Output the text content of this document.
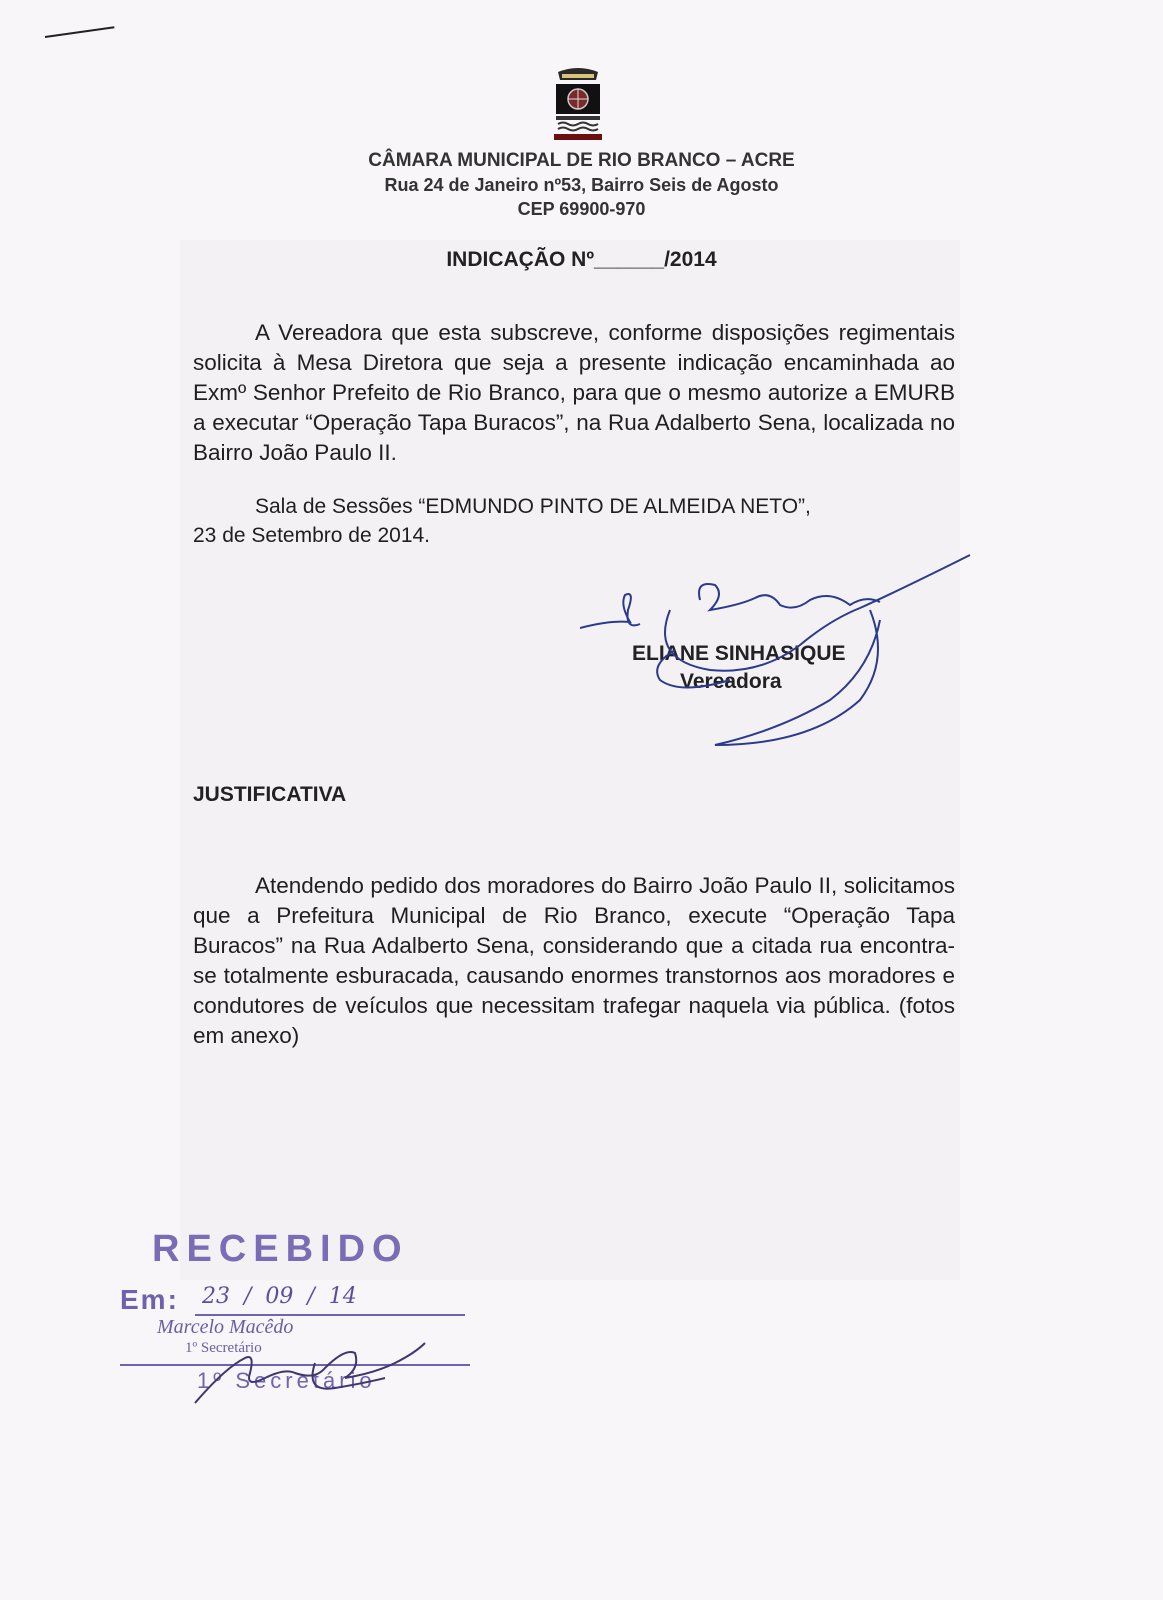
CÂMARA MUNICIPAL DE RIO BRANCO – ACRE
Rua 24 de Janeiro nº53, Bairro Seis de Agosto
CEP 69900-970
INDICAÇÃO Nº______/2014
A Vereadora que esta subscreve, conforme disposições regimentais solicita à Mesa Diretora que seja a presente indicação encaminhada ao Exmº Senhor Prefeito de Rio Branco, para que o mesmo autorize a EMURB a executar “Operação Tapa Buracos”, na Rua Adalberto Sena, localizada no Bairro João Paulo II.
Sala de Sessões “EDMUNDO PINTO DE ALMEIDA NETO”,
23 de Setembro de 2014.
ELIANE SINHASIQUE
Vereadora
JUSTIFICATIVA
Atendendo pedido dos moradores do Bairro João Paulo II, solicitamos que a Prefeitura Municipal de Rio Branco, execute “Operação Tapa Buracos” na Rua Adalberto Sena, considerando que a citada rua encontra-se totalmente esburacada, causando enormes transtornos aos moradores e condutores de veículos que necessitam trafegar naquela via pública. (fotos em anexo)
RECEBIDO
Em: 23  /  09  /  14
Marcelo Macêdo
1º Secretário
1º Secretário
